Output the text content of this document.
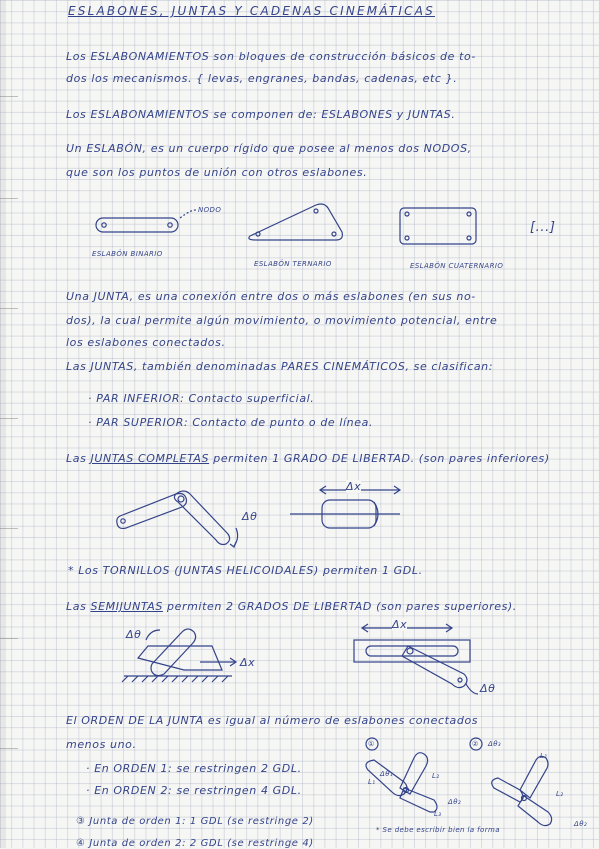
ESLABONES, JUNTAS Y CADENAS CINEMÁTICAS
Los ESLABONAMIENTOS son bloques de construcción básicos de to-
dos los mecanismos. { levas, engranes, bandas, cadenas, etc }.
Los ESLABONAMIENTOS se componen de: ESLABONES y JUNTAS.
Un ESLABÓN, es un cuerpo rígido que posee al menos dos NODOS,
que son los puntos de unión con otros eslabones.
NODO
ESLABÓN BINARIO
ESLABÓN TERNARIO	ESLABÓN CUATERNARIO
[...]
Una JUNTA, es una conexión entre dos o más eslabones (en sus no-
dos), la cual permite algún movimiento, o movimiento potencial, entre
los eslabones conectados.
Las JUNTAS, también denominadas PARES CINEMÁTICOS, se clasifican:
· PAR INFERIOR: Contacto superficial.
· PAR SUPERIOR: Contacto de punto o de línea.
Las JUNTAS COMPLETAS permiten 1 GRADO DE LIBERTAD. (son pares inferiores)
Δθ
Δx
* Los TORNILLOS (JUNTAS HELICOIDALES) permiten 1 GDL.
Las SEMIJUNTAS permiten 2 GRADOS DE LIBERTAD (son pares superiores).
Δθ
Δx
Δx
Δθ
El ORDEN DE LA JUNTA es igual al número de eslabones conectados
menos uno.
· En ORDEN 1: se restringen 2 GDL.
· En ORDEN 2: se restringen 4 GDL.
①	②
Δθ₁
Δθ₂
Δθ₃
Δθ₂
L₁
L₂
L₃
L₁
L₂
③ Junta de orden 1: 1 GDL (se restringe 2)
* Se debe escribir bien la forma
④ Junta de orden 2: 2 GDL (se restringe 4)
